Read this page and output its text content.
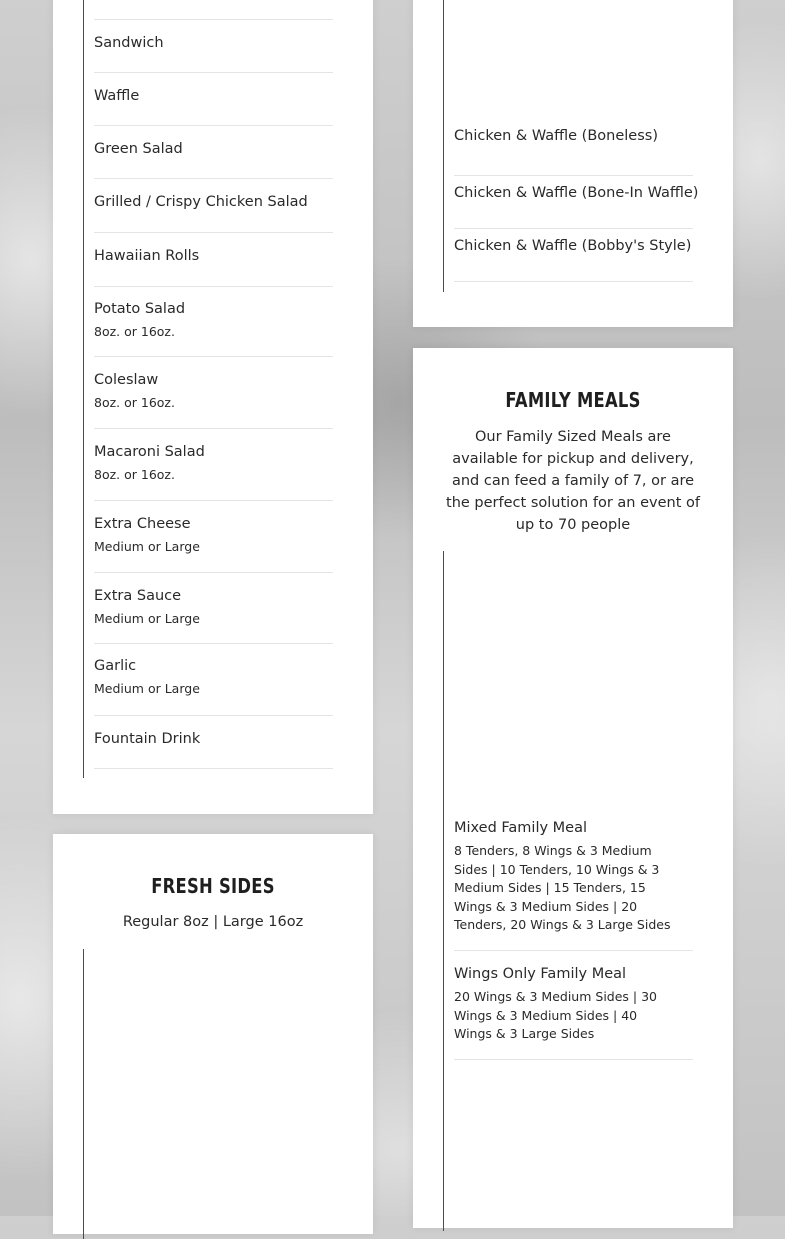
Sandwich
Waffle
Green Salad
Grilled / Crispy Chicken Salad
Hawaiian Rolls
Potato Salad
8oz. or 16oz.
Coleslaw
8oz. or 16oz.
Macaroni Salad
8oz. or 16oz.
Extra Cheese
Medium or Large
Extra Sauce
Medium or Large
Garlic
Medium or Large
Fountain Drink
Chicken & Waffle (Boneless)
Chicken & Waffle (Bone-In Waffle)
Chicken & Waffle (Bobby's Style)
FAMILY MEALS
Our Family Sized Meals are available for pickup and delivery, and can feed a family of 7, or are the perfect solution for an event of up to 70 people
Mixed Family Meal
8 Tenders, 8 Wings & 3 Medium Sides | 10 Tenders, 10 Wings & 3 Medium Sides | 15 Tenders, 15 Wings & 3 Medium Sides | 20 Tenders, 20 Wings & 3 Large Sides
Wings Only Family Meal
20 Wings & 3 Medium Sides | 30 Wings & 3 Medium Sides | 40 Wings & 3 Large Sides
FRESH SIDES
Regular 8oz | Large 16oz
